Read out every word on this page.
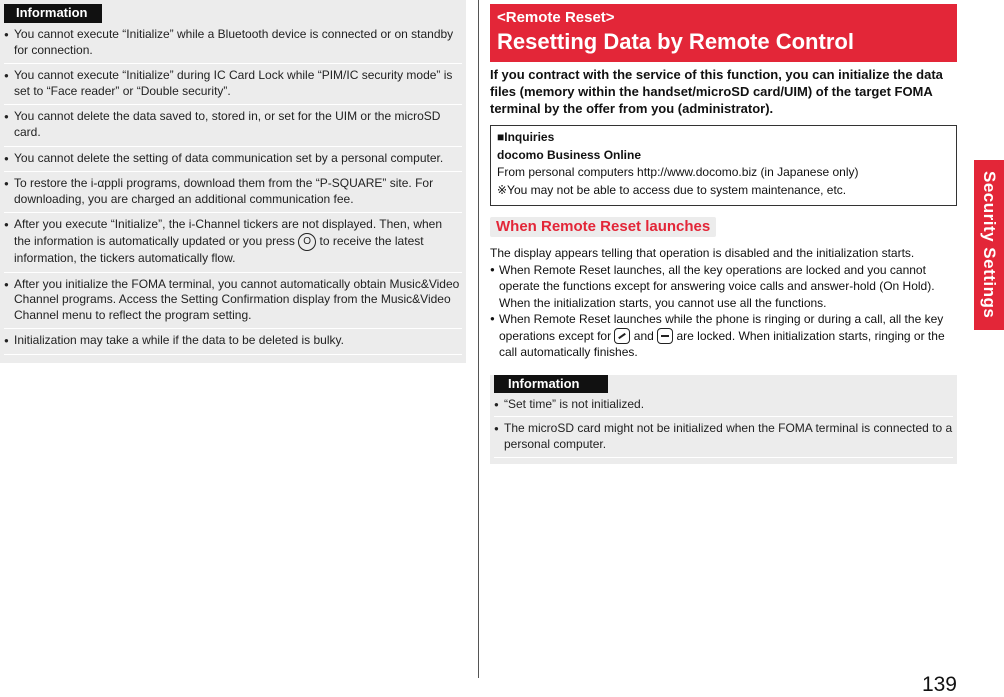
Information
● You cannot execute “Initialize” while a Bluetooth device is connected or on standby for connection.
● You cannot execute “Initialize” during IC Card Lock while “PIM/IC security mode” is set to “Face reader” or “Double security”.
● You cannot delete the data saved to, stored in, or set for the UIM or the microSD card.
● You cannot delete the setting of data communication set by a personal computer.
● To restore the i-αppli programs, download them from the “P-SQUARE” site. For downloading, you are charged an additional communication fee.
● After you execute “Initialize”, the i-Channel tickers are not displayed. Then, when the information is automatically updated or you press O to receive the latest information, the tickers automatically flow.
● After you initialize the FOMA terminal, you cannot automatically obtain Music&Video Channel programs. Access the Setting Confirmation display from the Music&Video Channel menu to reflect the program setting.
● Initialization may take a while if the data to be deleted is bulky.
<Remote Reset>
Resetting Data by Remote Control
If you contract with the service of this function, you can initialize the data files (memory within the handset/microSD card/UIM) of the target FOMA terminal by the offer from you (administrator).
■Inquiries
docomo Business Online
From personal computers http://www.docomo.biz (in Japanese only)
※You may not be able to access due to system maintenance, etc.
When Remote Reset launches
The display appears telling that operation is disabled and the initialization starts.
● When Remote Reset launches, all the key operations are locked and you cannot operate the functions except for answering voice calls and answer-hold (On Hold). When the initialization starts, you cannot use all the functions.
● When Remote Reset launches while the phone is ringing or during a call, all the key operations except for and are locked. When initialization starts, ringing or the call automatically finishes.
Information
● “Set time” is not initialized.
● The microSD card might not be initialized when the FOMA terminal is connected to a personal computer.
Security Settings
139
